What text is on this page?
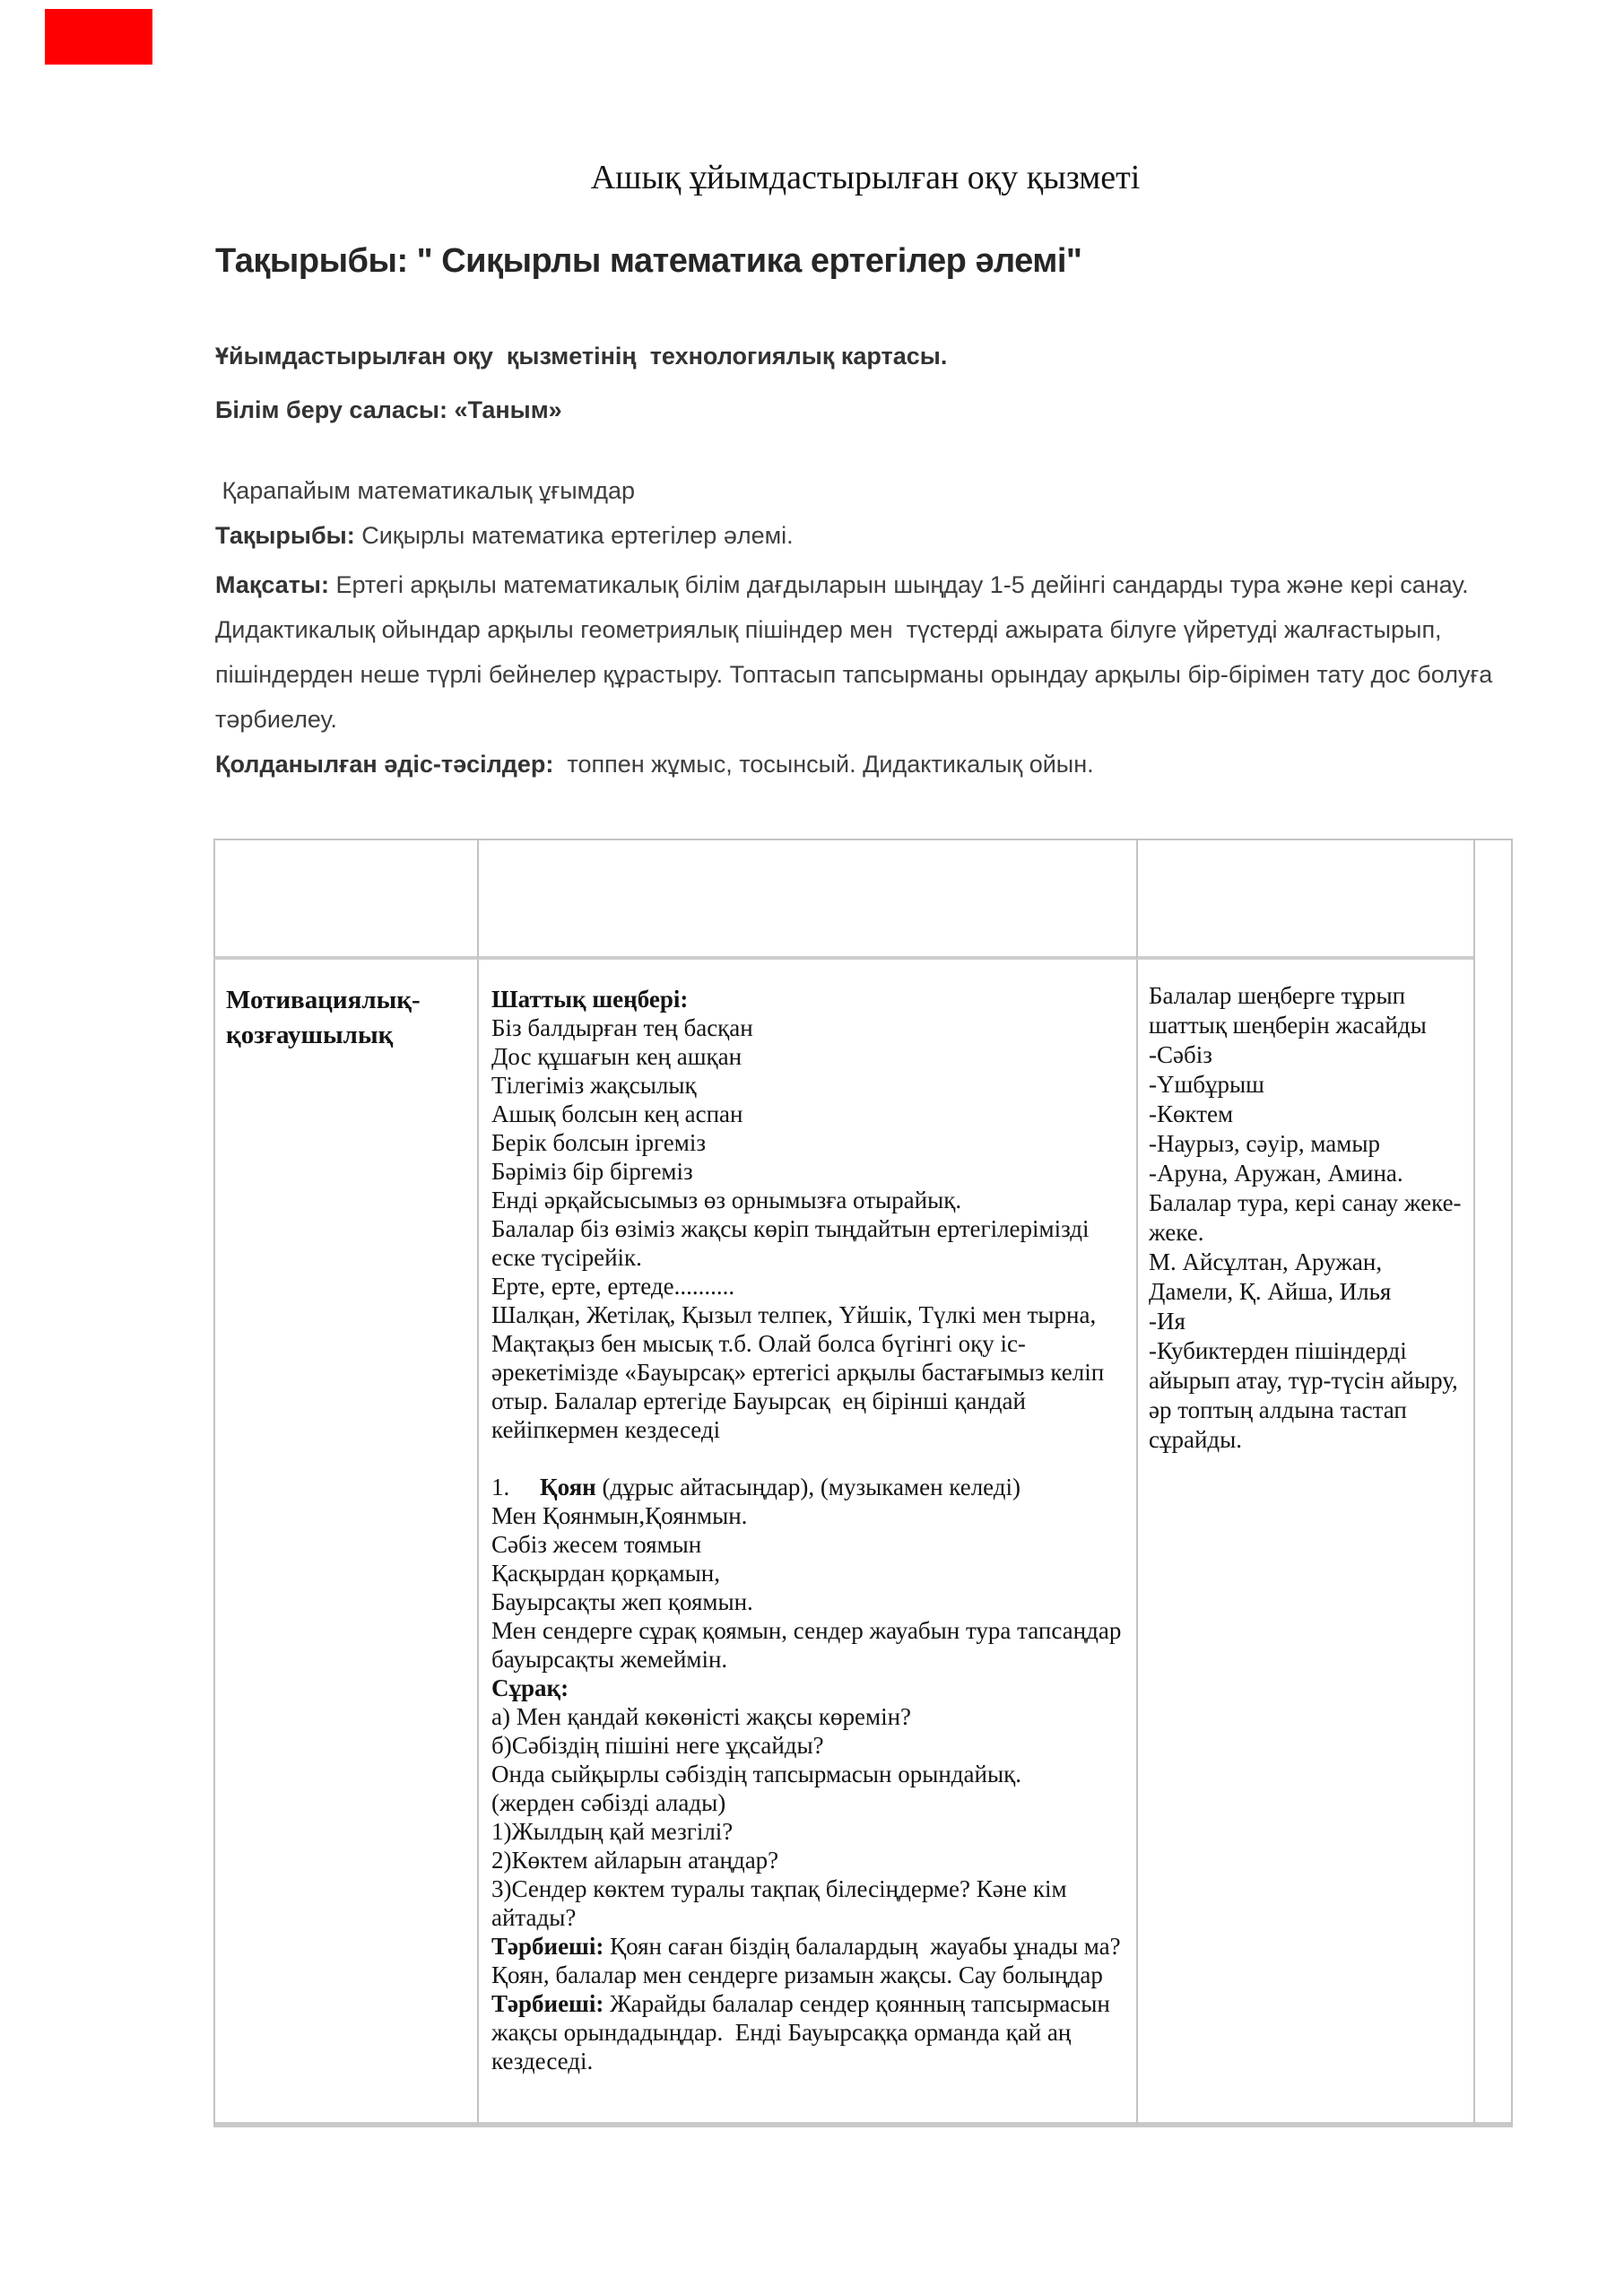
Ашық ұйымдастырылған оқу қызметі
Тақырыбы: " Сиқырлы математика ертегілер әлемі"

Ұйымдастырылған оқу  қызметінің  технологиялық картасы.

Білім беру саласы: «Таным»

Қарапайым математикалық ұғымдар

Тақырыбы: Сиқырлы математика ертегілер әлемі.

Мақсаты: Ертегі арқылы математикалық білім дағдыларын шыңдау 1-5 дейінгі сандарды тура және кері санау. Дидактикалық ойындар арқылы геометриялық пішіндер мен  түстерді ажырата білуге үйретуді жалғастырып,  пішіндерден неше түрлі бейнелер құрастыру. Топтасып тапсырманы орындау арқылы бір-бірімен тату дос болуға тәрбиелеу.

Қолданылған әдіс-тәсілдер:  топпен жұмыс, тосынсый. Дидактикалық ойын.

Мотивациялық-қозғаушылық
Шаттық шеңбері:
Біз балдырған тең басқан
Дос құшағын кең ашқан
Тілегіміз жақсылық
Ашық болсын кең аспан
Берік болсын іргеміз
Бәріміз бір біргеміз
Енді әрқайсысымыз өз орнымызға отырайық.
Балалар біз өзіміз жақсы көріп тыңдайтын ертегілерімізді еске түсірейік.
Ерте, ерте, ертеде..........
Шалқан, Жетілақ, Қызыл телпек, Үйшік, Түлкі мен тырна, Мақтақыз бен мысық т.б. Олай болса бүгінгі оқу іс-әрекетімізде «Бауырсақ» ертегісі арқылы бастағымыз келіп отыр. Балалар ертегіде Бауырсақ  ең бірінші қандай  кейіпкермен кездеседі
1.     Қоян (дұрыс айтасыңдар), (музыкамен келеді)
Мен Қоянмын,Қоянмын.
Сәбіз жесем тоямын
Қасқырдан қорқамын,
Бауырсақты жеп қоямын.
Мен сендерге сұрақ қоямын, сендер жауабын тура тапсаңдар бауырсақты жемеймін.
Сұрақ:
а) Мен қандай көкөністі жақсы көремін?
б)Сәбіздің пішіні неге ұқсайды?
Онда сыйқырлы сәбіздің тапсырмасын орындайық.
(жерден сәбізді алады)
1)Жылдың қай мезгілі?
2)Көктем айларын атаңдар?
3)Сендер көктем туралы тақпақ білесіңдерме? Кәне кім айтады?
Тәрбиеші: Қоян саған біздің балалардың  жауабы ұнады ма?
Қоян, балалар мен сендерге ризамын жақсы. Сау болыңдар
Тәрбиеші: Жарайды балалар сендер қоянның тапсырмасын жақсы орындадыңдар.  Енді Бауырсаққа орманда қай аң кездеседі.
Балалар шеңберге тұрып шаттық шеңберін жасайды
-Сәбіз
-Үшбұрыш
-Көктем
-Наурыз, сәуір, мамыр
-Аруна, Аружан, Амина.
Балалар тура, кері санау жеке-жеке.
М. Айсұлтан, Аружан, Дамели, Қ. Айша, Илья
-Ия
-Кубиктерден пішіндерді айырып атау, түр-түсін айыру, әр топтың алдына тастап сұрайды.
